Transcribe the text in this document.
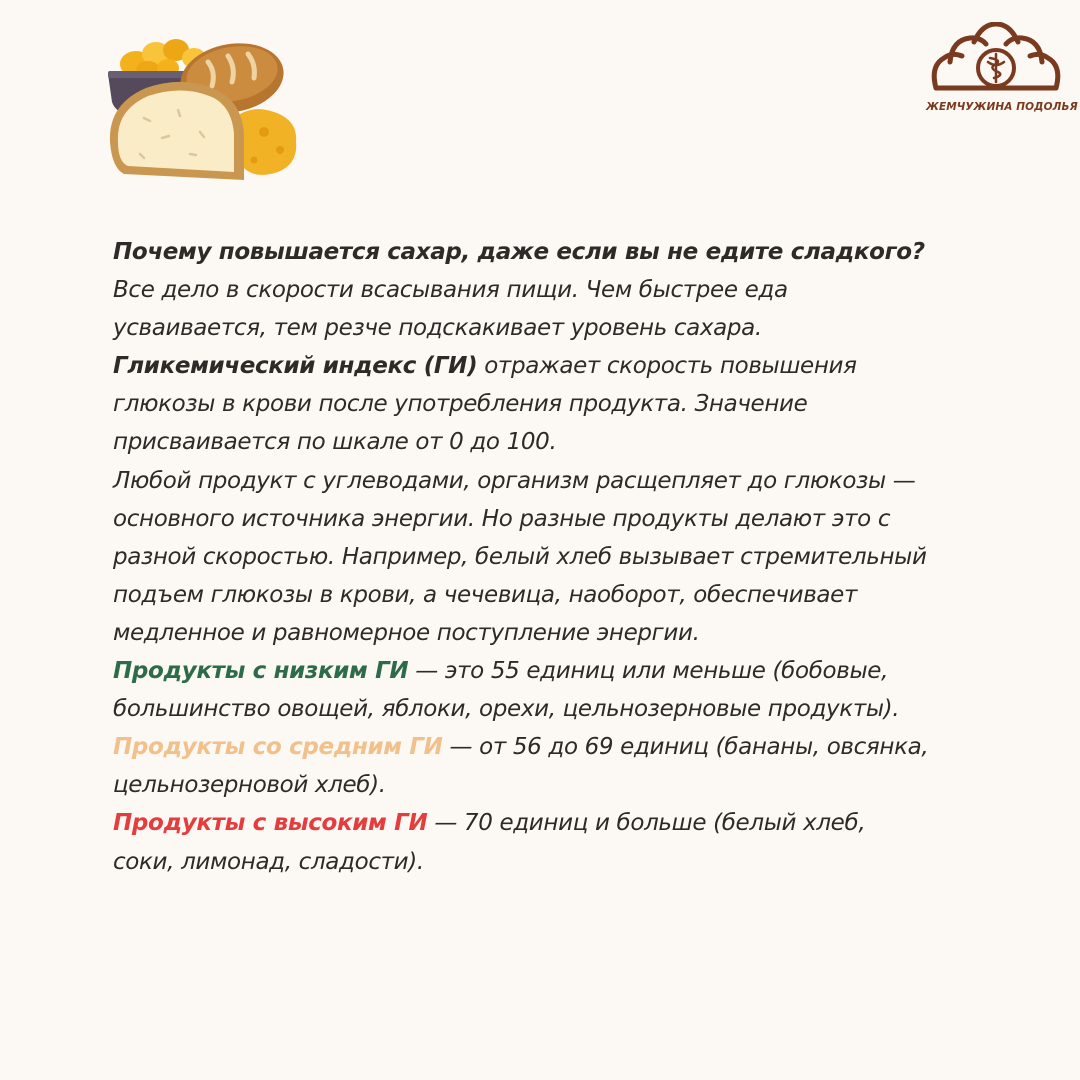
ЖЕМЧУЖИНА ПОДОЛЬЯ

Почему повышается сахар, даже если вы не едите сладкого? Все дело в скорости всасывания пищи. Чем быстрее еда усваивается, тем резче подскакивает уровень сахара.

Гликемический индекс (ГИ) отражает скорость повышения глюкозы в крови после употребления продукта. Значение присваивается по шкале от 0 до 100.

Любой продукт с углеводами, организм расщепляет до глюкозы — основного источника энергии. Но разные продукты делают это с разной скоростью. Например, белый хлеб вызывает стремительный подъем глюкозы в крови, а чечевица, наоборот, обеспечивает медленное и равномерное поступление энергии.

Продукты с низким ГИ — это 55 единиц или меньше (бобовые, большинство овощей, яблоки, орехи, цельнозерновые продукты).

Продукты со средним ГИ — от 56 до 69 единиц (бананы, овсянка, цельнозерновой хлеб).

Продукты с высоким ГИ — 70 единиц и больше (белый хлеб, соки, лимонад, сладости).
